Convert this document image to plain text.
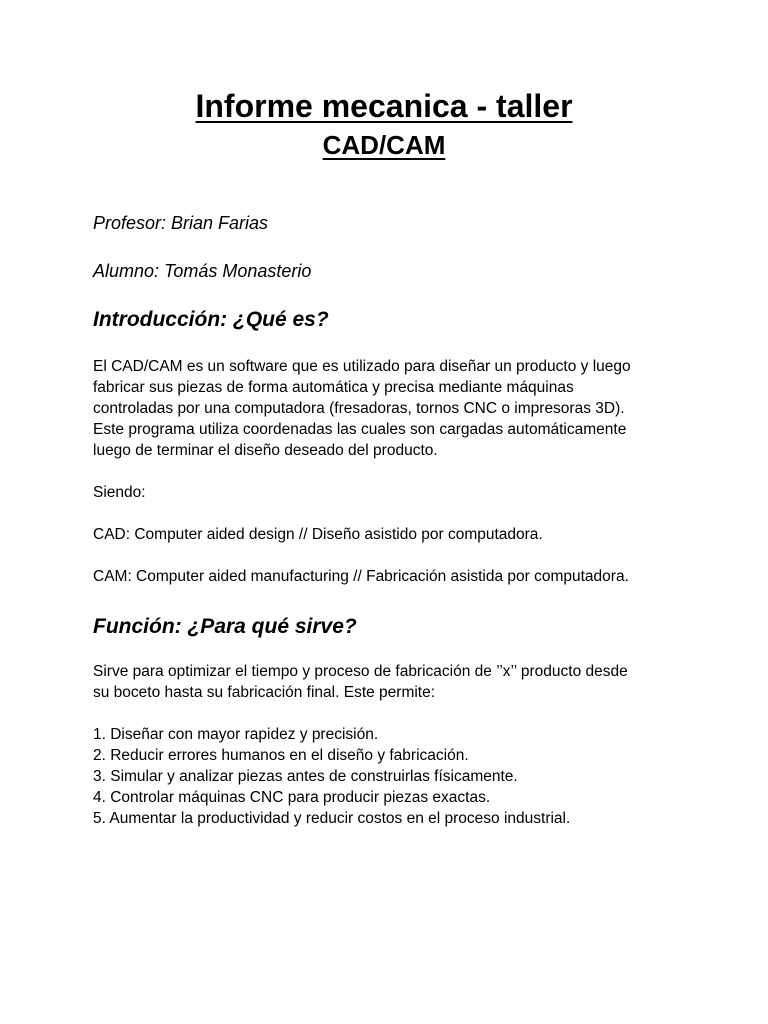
Informe mecanica - taller
CAD/CAM

Profesor: Brian Farias

Alumno: Tomás Monasterio

Introducción: ¿Qué es?

El CAD/CAM es un software que es utilizado para diseñar un producto y luego
fabricar sus piezas de forma automática y precisa mediante máquinas
controladas por una computadora (fresadoras, tornos CNC o impresoras 3D).
Este programa utiliza coordenadas las cuales son cargadas automáticamente
luego de terminar el diseño deseado del producto.

Siendo:

CAD: Computer aided design // Diseño asistido por computadora.

CAM: Computer aided manufacturing // Fabricación asistida por computadora.

Función: ¿Para qué sirve?

Sirve para optimizar el tiempo y proceso de fabricación de ’’x’’ producto desde
su boceto hasta su fabricación final. Este permite:

1. Diseñar con mayor rapidez y precisión.
2. Reducir errores humanos en el diseño y fabricación.
3. Simular y analizar piezas antes de construirlas físicamente.
4. Controlar máquinas CNC para producir piezas exactas.
5. Aumentar la productividad y reducir costos en el proceso industrial.
